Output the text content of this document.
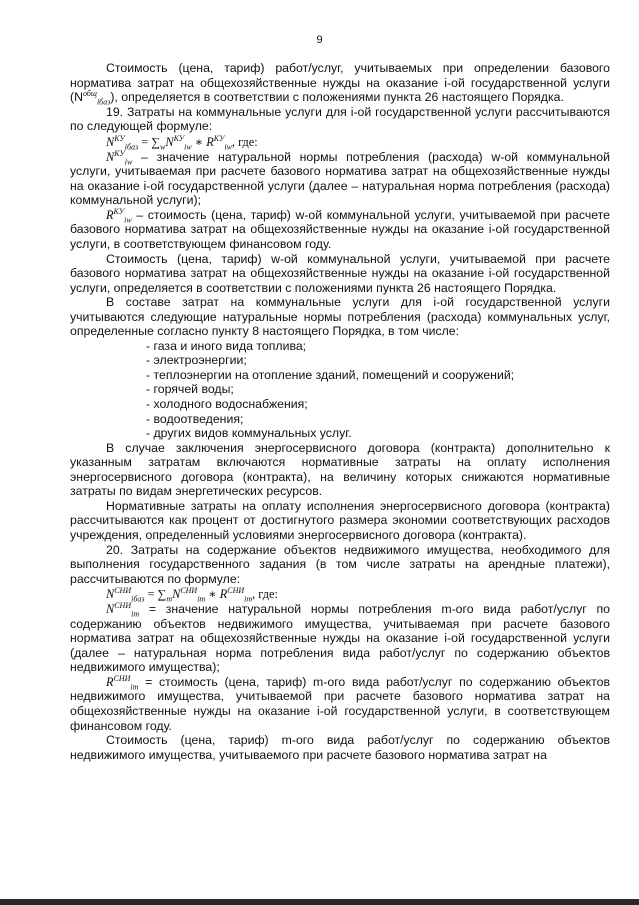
9

Стоимость (цена, тариф) работ/услуг, учитываемых при определении базового норматива затрат на общехозяйственные нужды на оказание i-ой государственной услуги $(N^{общ}_{iбаз})$, определяется в соответствии с положениями пункта 26 настоящего Порядка.

19. Затраты на коммунальные услуги для i-ой государственной услуги рассчитываются по следующей формуле:

$N^{КУ}_{iбаз} = \sum_wN^{КУ}_{iw}$ ∗ $R^{КУ}_{iw}$, где:

$N^{КУ}_{iw}$ – значение натуральной нормы потребления (расхода) w-ой коммунальной услуги, учитываемая при расчете базового норматива затрат на общехозяйственные нужды на оказание i-ой государственной услуги (далее – натуральная норма потребления (расхода) коммунальной услуги);

$R^{КУ}_{iw}$ – стоимость (цена, тариф) w-ой коммунальной услуги, учитываемой при расчете базового норматива затрат на общехозяйственные нужды на оказание i-ой государственной услуги, в соответствующем финансовом году.

Стоимость (цена, тариф) w-ой коммунальной услуги, учитываемой при расчете базового норматива затрат на общехозяйственные нужды на оказание i-ой государственной услуги, определяется в соответствии с положениями пункта 26 настоящего Порядка.

В составе затрат на коммунальные услуги для i-ой государственной услуги учитываются следующие натуральные нормы потребления (расхода) коммунальных услуг, определенные согласно пункту 8 настоящего Порядка, в том числе:

- газа и иного вида топлива;

- электроэнергии;

- теплоэнергии на отопление зданий, помещений и сооружений;

- горячей воды;

- холодного водоснабжения;

- водоотведения;

- других видов коммунальных услуг.

В случае заключения энергосервисного договора (контракта) дополнительно к указанным затратам включаются нормативные затраты на оплату исполнения энергосервисного договора (контракта), на величину которых снижаются нормативные затраты по видам энергетических ресурсов.

Нормативные затраты на оплату исполнения энергосервисного договора (контракта) рассчитываются как процент от достигнутого размера экономии соответствующих расходов учреждения, определенный условиями энергосервисного договора (контракта).

20. Затраты на содержание объектов недвижимого имущества, необходимого для выполнения государственного задания (в том числе затраты на арендные платежи), рассчитываются по формуле:

$N^{СНИ}_{iбаз} = \sum_mN^{СНИ}_{im}$ ∗ $R^{СНИ}_{im}$, где:

$N^{СНИ}_{im}$ = значение натуральной нормы потребления m-ого вида работ/услуг по содержанию объектов недвижимого имущества, учитываемая при расчете базового норматива затрат на общехозяйственные нужды на оказание i-ой государственной услуги (далее – натуральная норма потребления вида работ/услуг по содержанию объектов недвижимого имущества);

$R^{СНИ}_{im}$ = стоимость (цена, тариф) m-ого вида работ/услуг по содержанию объектов недвижимого имущества, учитываемой при расчете базового норматива затрат на общехозяйственные нужды на оказание i-ой государственной услуги, в соответствующем финансовом году.

Стоимость (цена, тариф) m-ого вида работ/услуг по содержанию объектов недвижимого имущества, учитываемого при расчете базового норматива затрат на
